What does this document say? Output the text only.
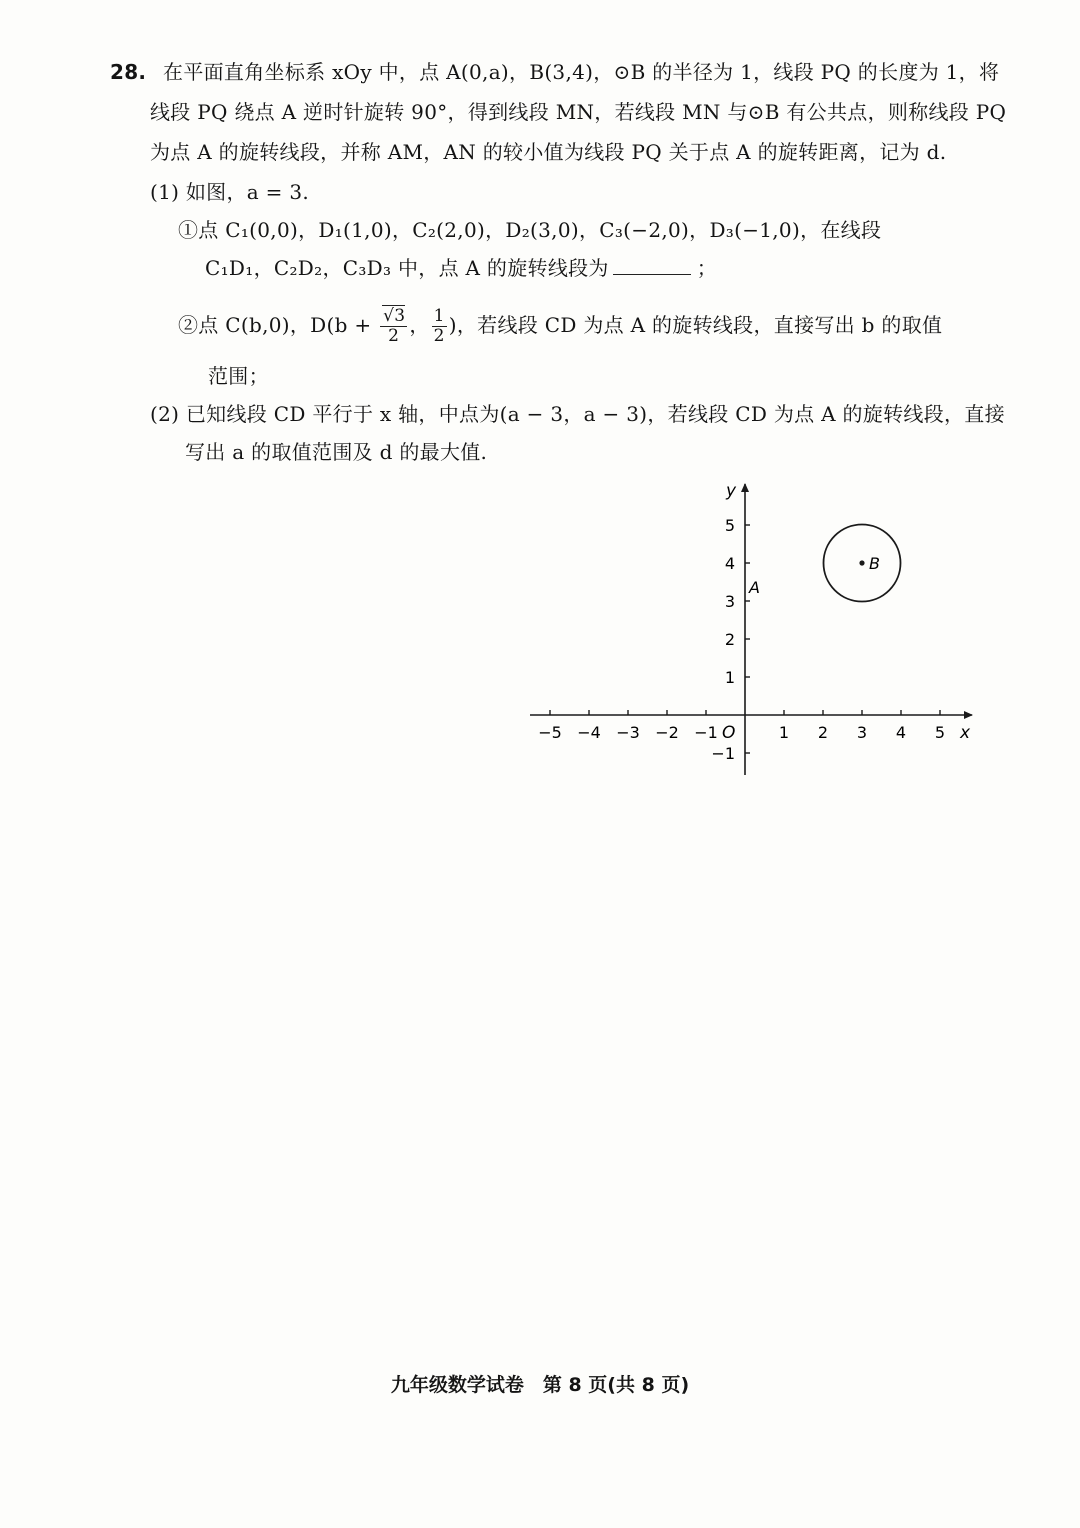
28. 在平面直角坐标系 xOy 中，点 A(0,a)，B(3,4)，⊙B 的半径为 1，线段 PQ 的长度为 1，将
线段 PQ 绕点 A 逆时针旋转 90°，得到线段 MN，若线段 MN 与⊙B 有公共点，则称线段 PQ
为点 A 的旋转线段，并称 AM，AN 的较小值为线段 PQ 关于点 A 的旋转距离，记为 d.
(1) 如图，a = 3.
①点 C₁(0,0)，D₁(1,0)，C₂(2,0)，D₂(3,0)，C₃(−2,0)，D₃(−1,0)，在线段
C₁D₁，C₂D₂，C₃D₃ 中，点 A 的旋转线段为	；
②点 C(b,0)，$D(b + \frac{√3}{2}$ ， $\frac{1}{2}$ )，若线段 CD 为点 A 的旋转线段，直接写出 b 的取值
范围；
(2) 已知线段 CD 平行于 x 轴，中点为(a − 3，a − 3)，若线段 CD 为点 A 的旋转线段，直接
写出 a 的取值范围及 d 的最大值.
−5 −4 −3 −2 −1	1 2 3 4 5
−1
1
2
3
4
5
x
y
O
B
A
九年级数学试卷　第 8 页(共 8 页)
